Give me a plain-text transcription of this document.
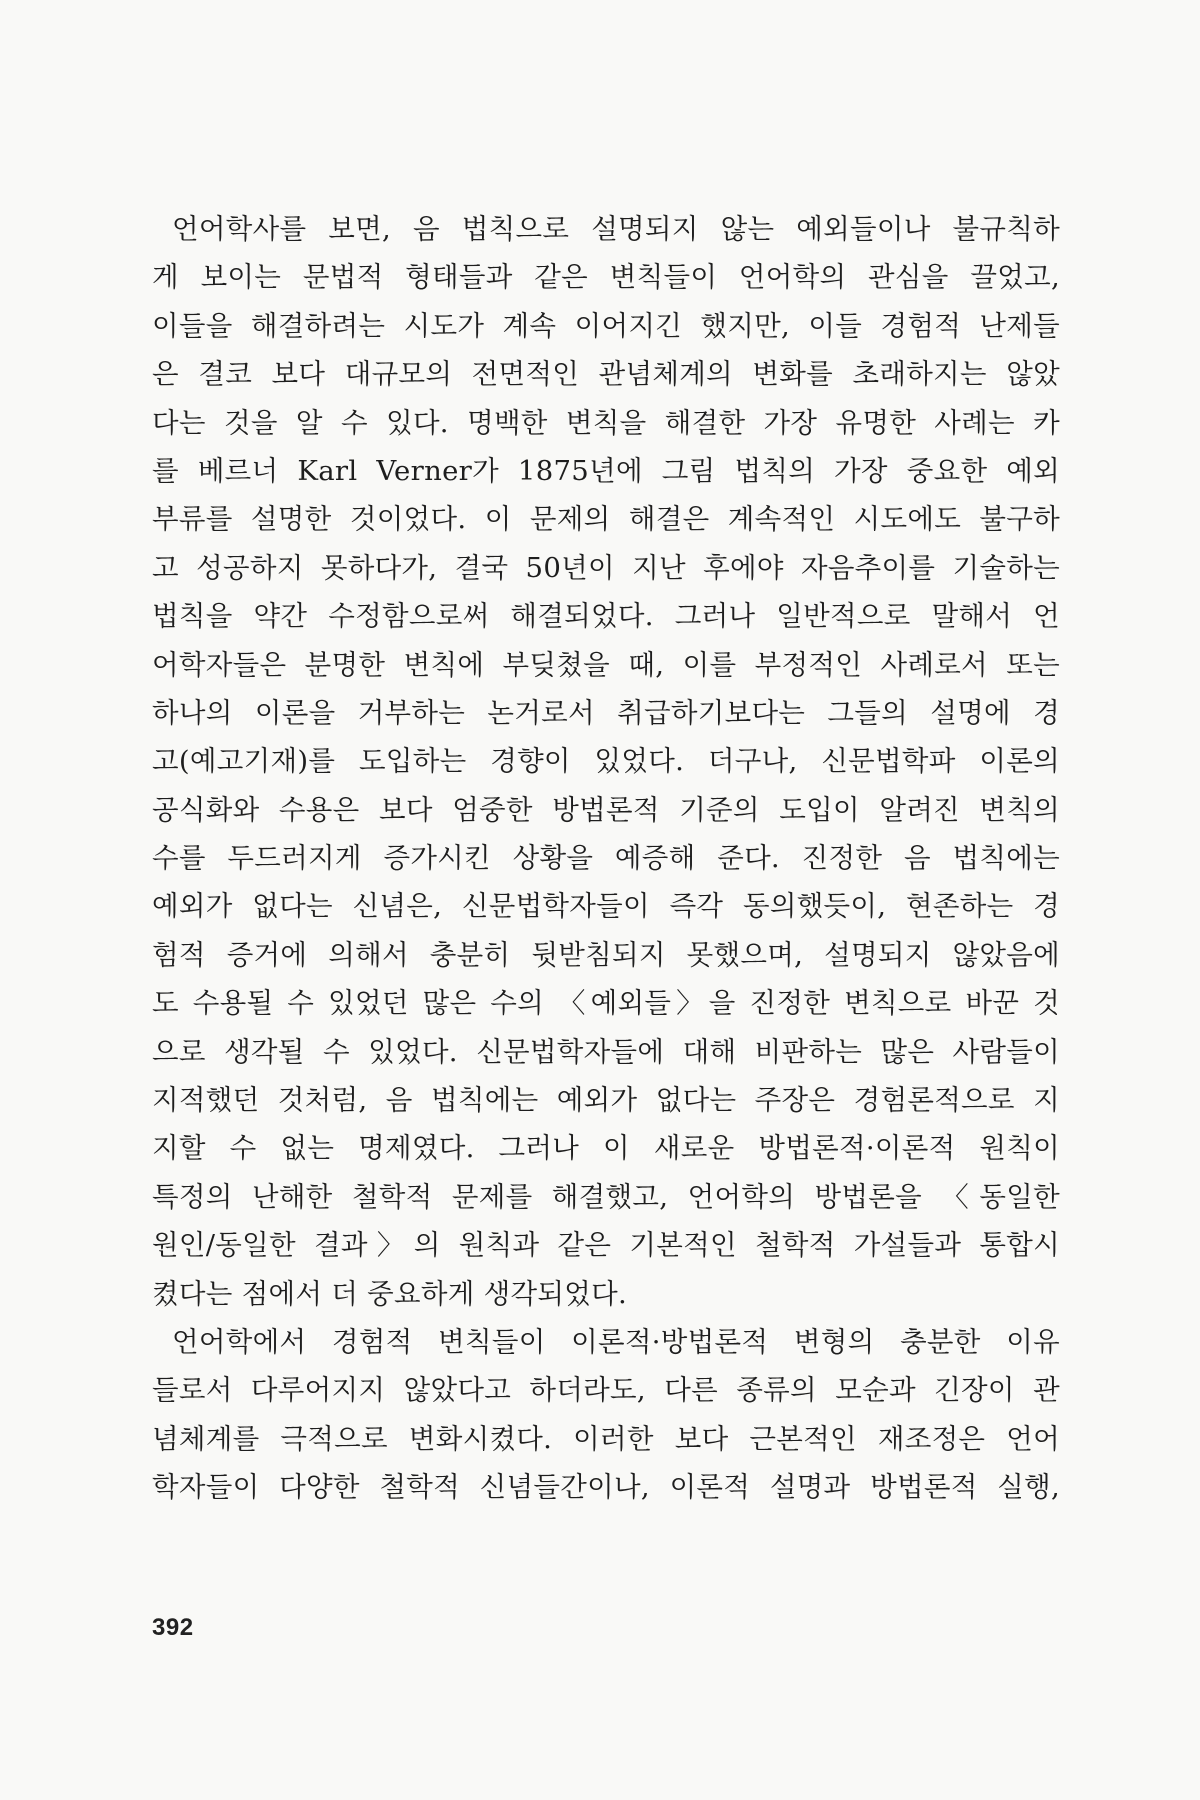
언어학사를 보면, 음 법칙으로 설명되지 않는 예외들이나 불규칙하
게 보이는 문법적 형태들과 같은 변칙들이 언어학의 관심을 끌었고,
이들을 해결하려는 시도가 계속 이어지긴 했지만, 이들 경험적 난제들
은 결코 보다 대규모의 전면적인 관념체계의 변화를 초래하지는 않았
다는 것을 알 수 있다. 명백한 변칙을 해결한 가장 유명한 사례는 카
를 베르너 Karl Verner가 1875년에 그림 법칙의 가장 중요한 예외
부류를 설명한 것이었다. 이 문제의 해결은 계속적인 시도에도 불구하
고 성공하지 못하다가, 결국 50년이 지난 후에야 자음추이를 기술하는
법칙을 약간 수정함으로써 해결되었다. 그러나 일반적으로 말해서 언
어학자들은 분명한 변칙에 부딪쳤을 때, 이를 부정적인 사례로서 또는
하나의 이론을 거부하는 논거로서 취급하기보다는 그들의 설명에 경
고(예고기재)를 도입하는 경향이 있었다. 더구나, 신문법학파 이론의
공식화와 수용은 보다 엄중한 방법론적 기준의 도입이 알려진 변칙의
수를 두드러지게 증가시킨 상황을 예증해 준다. 진정한 음 법칙에는
예외가 없다는 신념은, 신문법학자들이 즉각 동의했듯이, 현존하는 경
험적 증거에 의해서 충분히 뒷받침되지 못했으며, 설명되지 않았음에
도 수용될 수 있었던 많은 수의 〈예외들〉을 진정한 변칙으로 바꾼 것
으로 생각될 수 있었다. 신문법학자들에 대해 비판하는 많은 사람들이
지적했던 것처럼, 음 법칙에는 예외가 없다는 주장은 경험론적으로 지
지할 수 없는 명제였다. 그러나 이 새로운 방법론적·이론적 원칙이
특정의 난해한 철학적 문제를 해결했고, 언어학의 방법론을 〈동일한
원인/동일한 결과〉의 원칙과 같은 기본적인 철학적 가설들과 통합시
켰다는 점에서 더 중요하게 생각되었다.
언어학에서 경험적 변칙들이 이론적·방법론적 변형의 충분한 이유
들로서 다루어지지 않았다고 하더라도, 다른 종류의 모순과 긴장이 관
념체계를 극적으로 변화시켰다. 이러한 보다 근본적인 재조정은 언어
학자들이 다양한 철학적 신념들간이나, 이론적 설명과 방법론적 실행,
392
